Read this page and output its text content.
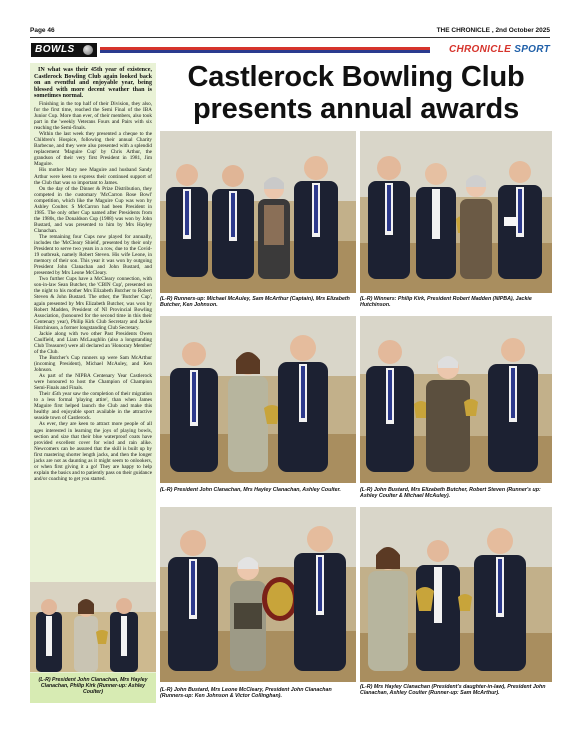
Page 46	THE CHRONICLE , 2nd October 2025
BOWLS	CHRONICLE SPORT

IN what was their 45th year of existence, Castlerock Bowling Club again looked back on an eventful and enjoyable year, being blessed with more decent weather than is sometimes normal.

Finishing in the top half of their Division, they also, for the first time, reached the Semi Final of the IBA Junior Cup. More than ever, of their members, also took part in the 'weekly Veterans Fours and Pairs with six reaching the Semi-finals.

Within the last week they presented a cheque to the Children's Hospice, following their annual Charity Barbecue, and they were also presented with a splendid replacement 'Maguire Cup' by Chris Arthur, the grandson of their very first President in 1981, Jim Maguire.

His mother Mary nee Maguire and husband Sandy Arthur were keen to express their continued support of the Club that was so important to James.

On the day of the Dinner & Prize Distribution, they competed in the customary 'McCarron Rose Bowl' competition, which like the Maguire Cup was won by Ashley Coulter. S McCarron had been President in 1985. The only other Cup named after Presidents from the 1980s, the Donaldson Cup (1988) was won by John Bustard, and was presented to him by Mrs Hayley Clanachan.

The remaining four Cups now played for annually, includes the 'McCleary Shield', presented by their only President to serve two years in a row, due to the Covid-19 outbreak, namely Robert Steven. His wife Leone, in memory of their son. This year it was won by outgoing President John Clanachan and John Bustard, and presented by Mrs Leone McCleary.

Two further Cups have a McCleary connection, with son-in-law Sean Butcher, the 'CBIN Cup', presented on the night to his mother Mrs Elizabeth Butcher to Robert Steven & John Bustard. The other, the 'Butcher Cup', again presented by Mrs Elizabeth Butcher, was won by Robert Madden, President of NI Provincial Bowling Association, (honoured for the second time in this their Centenary year), Philip Kirk Club Secretary and Jackie Hutchinson, a former longstanding Club Secretary.

Jackie along with two other Past Presidents Owen Caulfield, and Liam McLaughlin (also a longstanding Club Treasurer) were all declared an 'Honorary Member' of the Club.

The Butcher's Cup runners up were Sam McArthur (incoming President), Michael McAuley, and Ken Johnson.

As part of the NIPBA Centenary Year Castlerock were honoured to host the Champion of Champion Semi-Finals and Finals.

Their 45th year saw the completion of their migration to a less formal 'playing attire', than when James Maguire first helped launch the Club and make this healthy and enjoyable sport available in the attractive seaside town of Castlerock.

As ever, they are keen to attract more people of all ages interested in learning the joys of playing bowls, section and size that their blue waterproof coats have provided excellent cover for wind and rain alike. Newcomers can be assured that the skill is built up by first mastering shorter length jacks, and then the longer jacks are not as daunting as it might seem to onlookers, or when first giving it a go! They are happy to help explain the basics and to patiently pass on their guidance and/or coaching to get you started.

(L-R) President John Clanachan, Mrs Hayley Clanachan, Philip Kirk (Runner-up: Ashley Coulter)
Castlerock Bowling Club
presents annual awards
(L-R) Runners-up: Michael McAuley, Sam McArthur (Captain), Mrs Elizabeth Butcher, Ken Johnson.
(L-R) Winners: Philip Kirk, President Robert Madden (NIPBA), Jackie Hutchinson.
(L-R) President John Clanachan, Mrs Hayley Clanachan, Ashley Coulter.	(L-R) John Bustard, Mrs Elizabeth Butcher, Robert Steven (Runner's up: Ashley Coulter & Michael McAuley).
(L-R) John Bustard, Mrs Leone McCleary, President John Clanachan (Runners-up: Ken Johnson & Victor Collinghan).
(L-R) Mrs Hayley Clanachan (President's daughter-in-law), President John Clanachan, Ashley Coulter (Runner-up: Sam McArthur).
